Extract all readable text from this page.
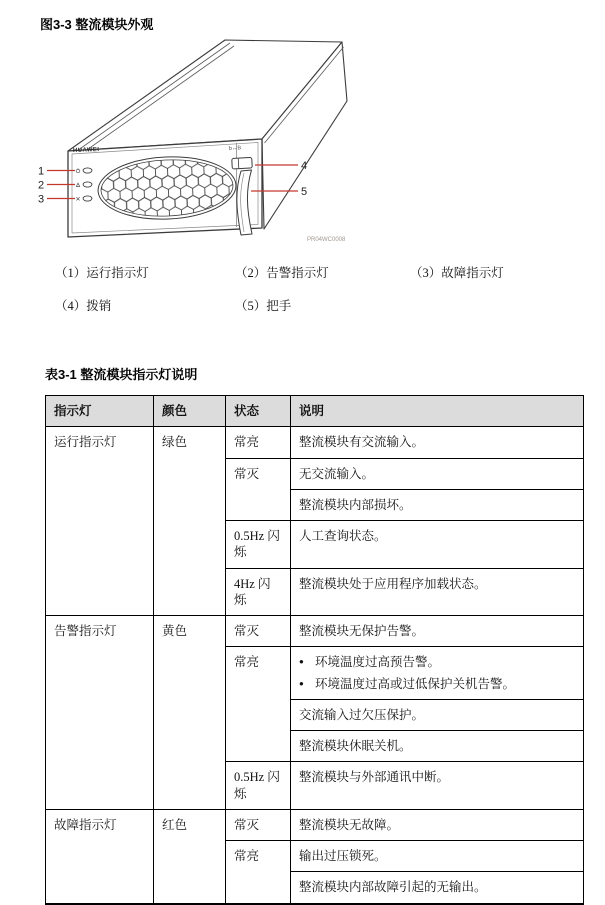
图3-3 整流模块外观
HUAWEI	b↔B
1
2
3
4
5
PR04WC0008
（1）运行指示灯	（2）告警指示灯	（3）故障指示灯
（4）拨销	（5）把手
表3-1 整流模块指示灯说明
指示灯	颜色	状态	说明
运行指示灯	绿色	常亮	整流模块有交流输入。
		常灭	无交流输入。
			整流模块内部损坏。
		0.5Hz 闪烁	人工查询状态。
		4Hz 闪烁	整流模块处于应用程序加载状态。
告警指示灯	黄色	常灭	整流模块无保护告警。
		常亮	● 环境温度过高预告警。
● 环境温度过高或过低保护关机告警。

			交流输入过欠压保护。
			整流模块休眠关机。
		0.5Hz 闪烁	整流模块与外部通讯中断。
故障指示灯	红色	常灭	整流模块无故障。
		常亮	输出过压锁死。
			整流模块内部故障引起的无输出。
